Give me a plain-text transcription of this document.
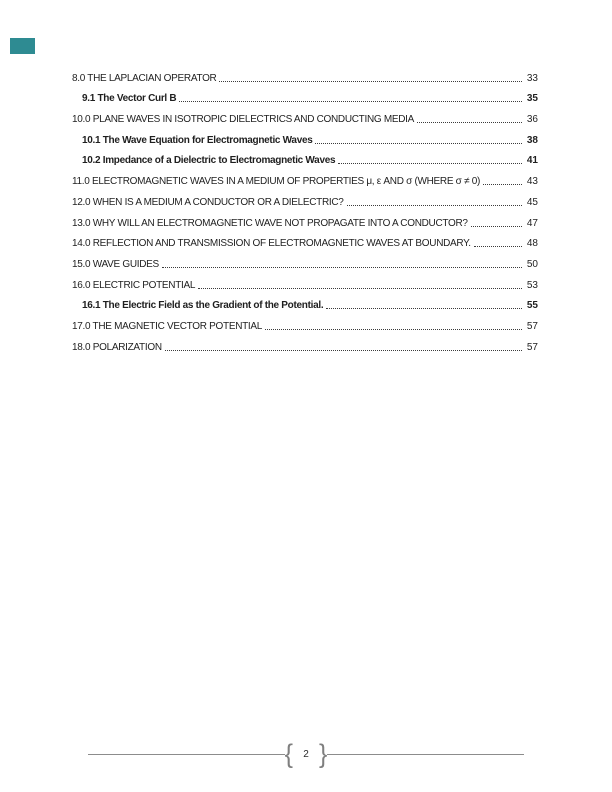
8.0 THE LAPLACIAN OPERATOR	33
9.1 The Vector Curl B	35
10.0 PLANE WAVES IN ISOTROPIC DIELECTRICS AND CONDUCTING MEDIA	36
10.1 The Wave Equation for Electromagnetic Waves	38
10.2 Impedance of a Dielectric to Electromagnetic Waves	41
11.0 ELECTROMAGNETIC WAVES IN A MEDIUM OF PROPERTIES μ, ε AND σ (WHERE σ ≠ 0)	43
12.0 WHEN IS A MEDIUM A CONDUCTOR OR A DIELECTRIC?	45
13.0 WHY WILL AN ELECTROMAGNETIC WAVE NOT PROPAGATE INTO A CONDUCTOR?	47
14.0 REFLECTION AND TRANSMISSION OF ELECTROMAGNETIC WAVES AT BOUNDARY.	48
15.0 WAVE GUIDES	50
16.0 ELECTRIC POTENTIAL	53
16.1 The Electric Field as the Gradient of the Potential.	55
17.0 THE MAGNETIC VECTOR POTENTIAL	57
18.0 POLARIZATION	57
{	2 }
